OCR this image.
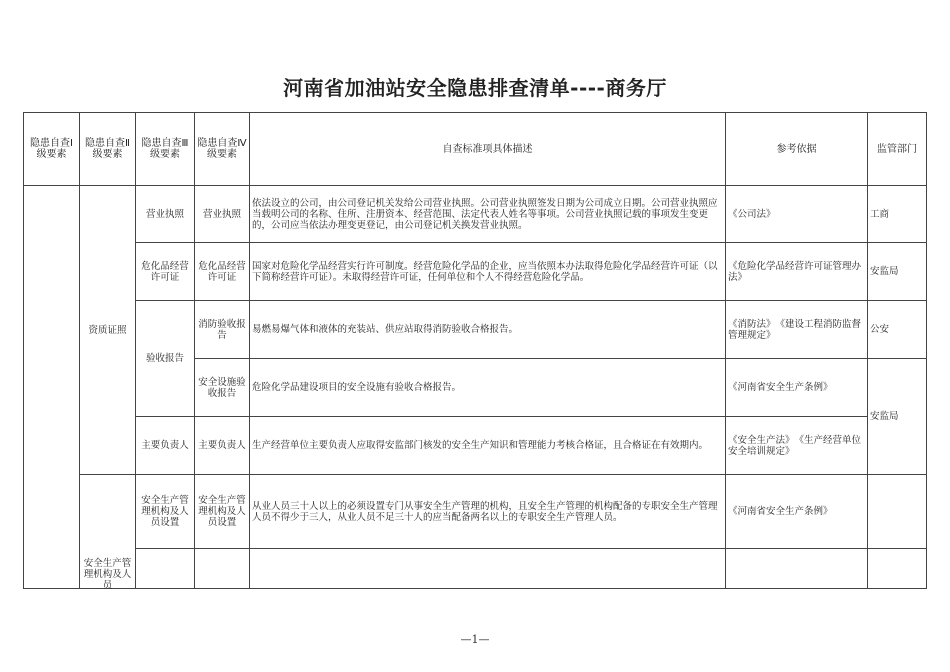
河南省加油站安全隐患排查清单----商务厅
隐患自查Ⅰ级要素	隐患自查Ⅱ级要素	隐患自查Ⅲ级要素	隐患自查Ⅳ级要素	自查标准项具体描述	参考依据	监管部门
	资质证照	营业执照	营业执照	依法设立的公司，由公司登记机关发给公司营业执照。公司营业执照签发日期为公司成立日期。公司营业执照应当载明公司的名称、住所、注册资本、经营范围、法定代表人姓名等事项。公司营业执照记载的事项发生变更的，公司应当依法办理变更登记，由公司登记机关换发营业执照。	《公司法》	工商
		危化品经营许可证	危化品经营许可证	国家对危险化学品经营实行许可制度。经营危险化学品的企业，应当依照本办法取得危险化学品经营许可证（以下简称经营许可证）。未取得经营许可证，任何单位和个人不得经营危险化学品。	《危险化学品经营许可证管理办法》	安监局
		验收报告	消防验收报告	易燃易爆气体和液体的充装站、供应站取得消防验收合格报告。	《消防法》　《建设工程消防监督管理规定》	公安
			安全设施验收报告	危险化学品建设项目的安全设施有验收合格报告。	《河南省安全生产条例》	安监局
		主要负责人	主要负责人	生产经营单位主要负责人应取得安监部门核发的安全生产知识和管理能力考核合格证，且合格证在有效期内。	《安全生产法》　《生产经营单位安全培训规定》	

	安全生产管理机构及人员	安全生产管理机构及人员设置	安全生产管理机构及人员设置	从业人员三十人以上的必须设置专门从事安全生产管理的机构，且安全生产管理的机构配备的专职安全生产管理人员不得少于三人，从业人员不足三十人的应当配备两名以上的专职安全生产管理人员。	《河南省安全生产条例》	

—1—
